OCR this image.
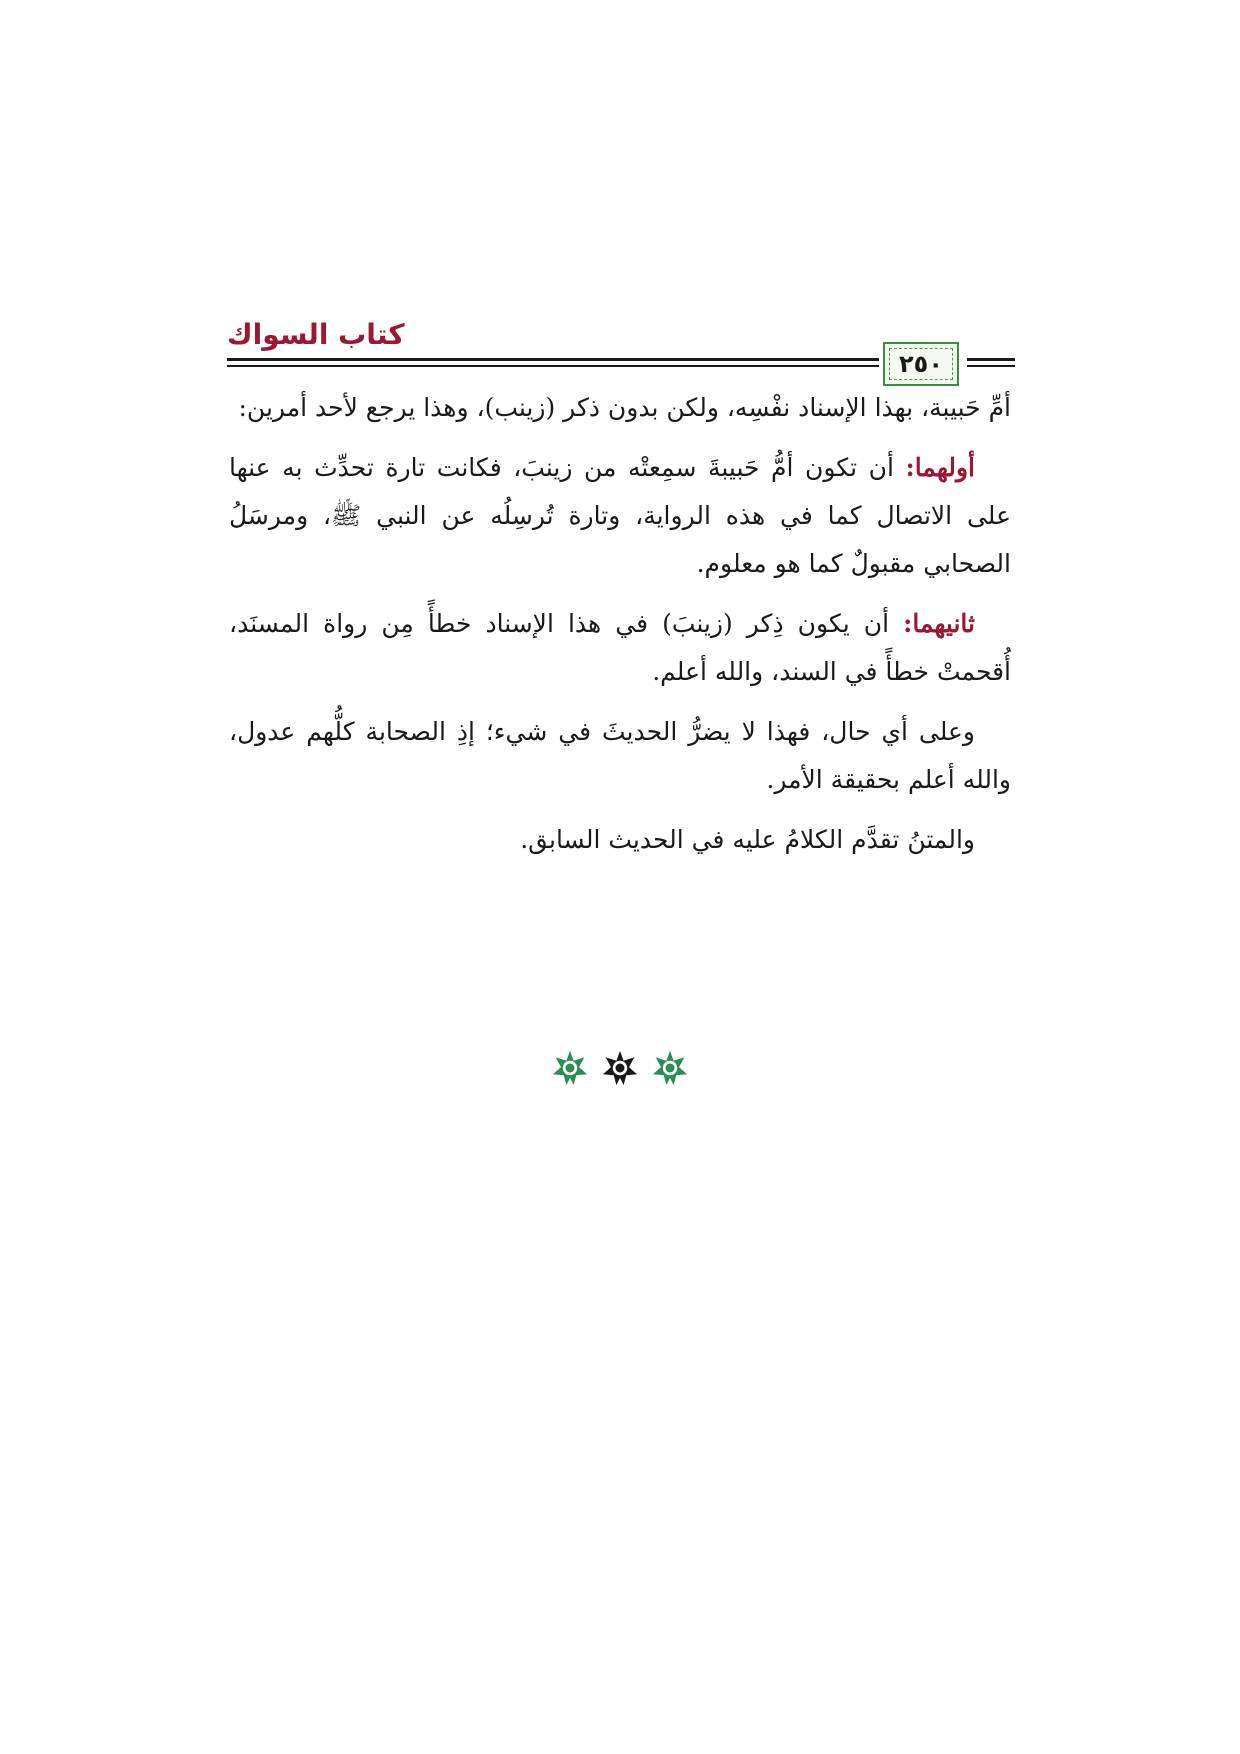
كتاب السواك
٢٥٠

أمِّ حَبيبة، بهذا الإسناد نفْسِه، ولكن بدون ذكر (زينب)، وهذا يرجع لأحد أمرين:

أولهما: أن تكون أمُّ حَبيبةَ سمِعتْه من زينبَ، فكانت تارة تحدِّث به عنها على الاتصال كما في هذه الرواية، وتارة تُرسِلُه عن النبي ﷺ، ومرسَلُ الصحابي مقبولٌ كما هو معلوم.

ثانيهما: أن يكون ذِكر (زينبَ) في هذا الإسناد خطأً مِن رواة المسنَد، أُقحمتْ خطأً في السند، والله أعلم.

وعلى أي حال، فهذا لا يضرُّ الحديثَ في شيء؛ إذِ الصحابة كلُّهم عدول، والله أعلم بحقيقة الأمر.

والمتنُ تقدَّم الكلامُ عليه في الحديث السابق.
